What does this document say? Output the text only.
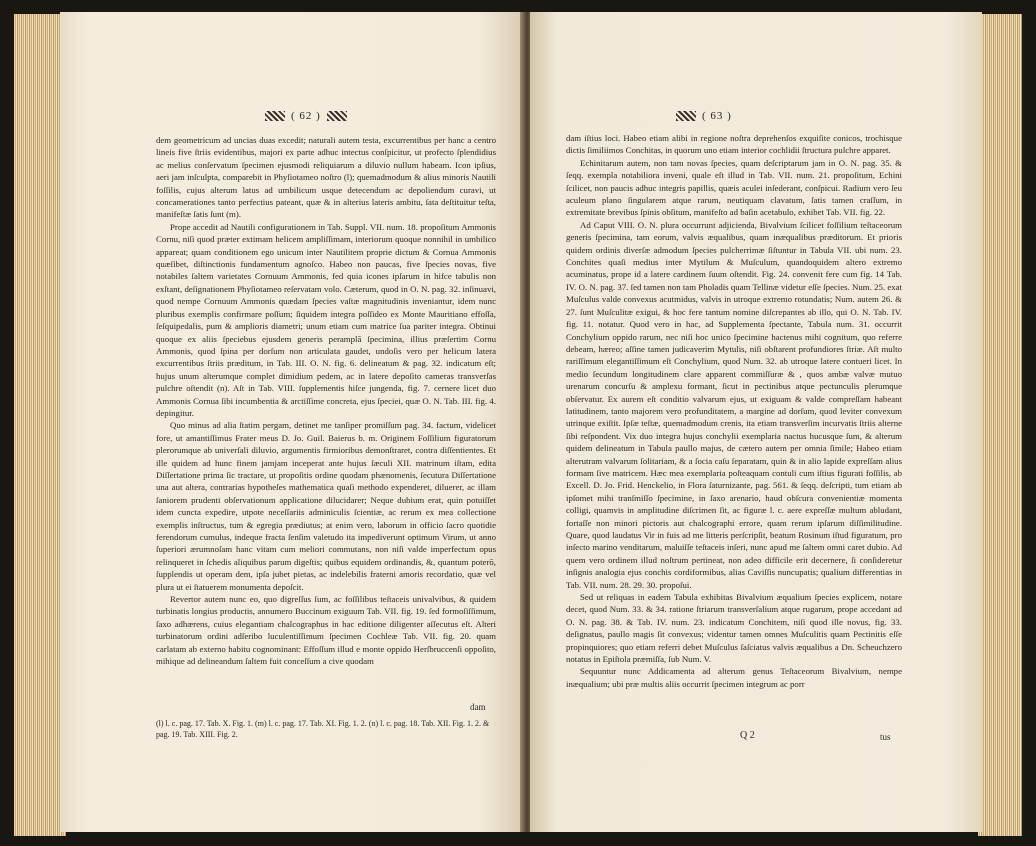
( 62 )

dem geometricum ad uncias duas excedit; naturali autem testa, excurrentibus per hanc a centro lineis five ſtriis evidentibus, majori ex parte adhuc intectus conſpicitur, ut profecto ſplendidius ac melius conſervatum ſpecimen ejusmodi reliquiarum a diluvio nullum habeam. Icon ipſius, aeri jam inſculpta, comparebit in Phyſiotameo noſtro (l); quemadmodum & alius minoris Nautili foſſilis, cujus alterum latus ad umbilicum usque detecendum ac depoliendum curavi, ut concamerationes tanto perfectius pateant, quæ & in alterius lateris ambitu, ſata deſtituitur teſta, manifeſtæ ſatis ſunt (m).

Prope accedit ad Nautili configurationem in Tab. Suppl. VII. num. 18. propoſitum Ammonis Cornu, niſi quod præter extimam helicem ampliſſimam, interiorum quoque nonnihil in umbilico appareat; quam conditionem ego unicum inter Nautilitem proprie dictum & Cornua Ammonis quæſibet, diſtinctionis fundamentum agnoſco. Habeo non paucas, five ſpecies novas, five notabiles ſaltem varietates Cornuum Ammonis, fed quia icones ipſarum in hifce tabulis non exſtant, deſignationem Phyſiotameo reſervatam volo. Cæterum, quod in O. N. pag. 32. inſinuavi, quod nempe Cornuum Ammonis quædam ſpecies vaſtæ magnitudinis inveniantur, idem nunc pluribus exemplis confirmare poſſum; ſiquidem integra poſſideo ex Monte Mauritiano effoſſa, ſeſquipedalis, pum & amplioris diametri; unum etiam cum matrice ſua pariter integra. Obtinui quoque ex aliis ſpeciebus ejusdem generis peramplā ſpecimina, illius præſertim Cornu Ammonis, quod ſpina per dorſum non articulata gaudet, undoſis vero per helicum latera excurrentibus ſtriis præditum, in Tab. III. O. N. fig. 6. delineatum & pag. 32. indicatum eſt; hujus unum alterumque complet dimidium pedem, ac in latere depoſito cameras transverſas pulchre oſtendit (n). Aſt in Tab. VIII. ſupplementis hiſce jungenda, fig. 7. cernere licet duo Ammonis Cornua ſibi incumbentia & arctiſſime concreta, ejus ſpeciei, quæ O. N. Tab. III. fig. 4. depingitur.

Quo minus ad alia ſtatim pergam, detinet me tanſiper promiſſum pag. 34. factum, videlicet fore, ut amantiſſimus Frater meus D. Jo. Guil. Baierus b. m. Originem Foſſilium figuratorum plerorumque ab univerſali diluvio, argumentis firmioribus demonſtraret, contra diſſentientes. Et ille quidem ad hunc finem jamjam inceperat ante hujus ſæculi XII. matrinum iſtam, edita Diſſertatione prima ſic tractare, ut propoſitis ordine quodam phænomenis, ſecutura Diſſertatione una aut altera, contrarias hypotheſes mathematica quaſi methodo expenderet, diluerer, ac illam ſaniorem prudenti obſervationum applicatione dilucidarer; Neque dubium erat, quin potuiſſet idem cuncta expedire, utpote neceſſariis adminiculis ſcientiæ, ac rerum ex mea collectione exemplis inſtructus, tum & egregia prædiutus; at enim vero, laborum in officio ſacro quotidie ferendorum cumulus, indeque fracta ſenſim valetudo ita impediverunt optimum Virum, ut anno ſuperiori ærumnoſam hanc vitam cum meliori commutans, non niſi valde imperfectum opus relinqueret in ſchedis aliquibus parum digeſtis; quibus equidem ordinandis, &, quantum poterō, ſupplendis ut operam dem, ipſa jubet pietas, ac indelebilis fraterni amoris recordatio, quæ vel plura ut ei ſtatuerem monumenta depoſcit.

Revertor autem nunc eo, quo digreſſus ſum, ac foſſilibus teſtaceis univalvibus, & quidem turbinatis longius productis, annumero Buccinum exiguum Tab. VII. fig. 19. ſed formoſiſſimum, ſaxo adhærens, cuius elegantiam chalcographus in hac editione diligenter aſſecutus eſt. Alteri turbinatorum ordini adſeribo luculentiſſimum ſpecimen Cochleæ Tab. VII. fig. 20. quam carlatam ab externo habitu cognominant: Effoſſum illud e monte oppido Herſbruccenſi oppoſito, mihique ad delineandum ſaltem fuit conceſſum a cive quodam

dam
(l) l. c. pag. 17. Tab. X. Fig. 1. (m) l. c. pag. 17. Tab. XI. Fig. 1. 2. (n) l. c. pag. 18. Tab. XII. Fig. 1. 2. & pag. 19. Tab. XIII. Fig. 2.
( 63 )

dam iſtius loci. Habeo etiam alibi in regione noſtra deprehenſos exquiſite conicos, trochisque dictis ſimiliimos Conchitas, in quorum uno etiam interior cochlidii ſtructura pulchre apparet.

Echinitarum autem, non tam novas ſpecies, quam deſcriptarum jam in O. N. pag. 35. & ſeqq. exempla notabiliora inveni, quale eſt illud in Tab. VII. num. 21. propoſitum, Echini ſcilicet, non paucis adhuc integris papillis, quæis aculei inſederant, conſpicui. Radium vero ſeu aculeum plano ſingularem atque rarum, neutiquam clavatum, ſatis tamen craſſum, in extremitate brevibus ſpinis obſitum, manifeſto ad baſin acetabulo, exhibet Tab. VII. fig. 22.

Ad Caput VIII. O. N. plura occurrunt adjicienda, Bivalvium ſcilicet foſſilium teſtaceorum generis ſpecimina, tam eorum, valvis æqualibus, quam inæqualibus præditorum. Et prioris quidem ordinis diverſæ admodum ſpecies pulcherrimæ ſiſtuntur in Tabula VII. ubi num. 23. Conchites quaſi medius inter Mytilum & Muſculum, quandoquidem altero extremo acuminatus, prope id a latere cardinem ſuum oſtendit. Fig. 24. convenit fere cum fig. 14 Tab. IV. O. N. pag. 37. ſed tamen non tam Pholadis quam Tellinæ videtur eſſe ſpecies. Num. 25. exat Muſculus valde convexus acutmidus, valvis in utroque extremo rotundatis; Num. autem 26. & 27. ſunt Muſculitæ exigui, & hoc fere tantum nomine diſcrepantes ab illo, qui O. N. Tab. IV. fig. 11. notatur. Quod vero in hac, ad Supplementa ſpectante, Tabula num. 31. occurrit Conchylium oppido rarum, nec niſi hoc unico ſpecimine hactenus mihi cognitum, quo referre debeam, hæreo; aſſine tamen judicaverim Mytulis, niſi obſtarent profundiores ſtriæ. Aſt multo rariſſimum elegantiſſimum eſt Conchylium, quod Num. 32. ab utroque latere contueri licet. In medio ſecundum longitudinem clare apparent commiſſuræ & , quos ambæ valvæ mutuo urenarum concurſu & amplexu formant, ſicut in pectinibus atque pectunculis plerumque obſervatur. Ex aurem eſt conditio valvarum ejus, ut exiguam & valde compreſſam habeant latitudinem, tanto majorem vero profunditatem, a margine ad dorſum, quod leviter convexum utrinque exiſtit. Ipſæ teſtæ, quemadmodum crenis, ita etiam transverſim incurvatis ſtriis alterne ſibi reſpondent. Vix duo integra hujus conchylii exemplaria nactus hucusque ſum, & alterum quidem delineatum in Tabula paullo majus, de cætero autem per omnia ſimile; Habeo etiam alterutram valvarum ſolitariam, & a ſocia caſu ſeparatam, quin & in alio lapide expreſſam alius formam ſive matricem. Hæc mea exemplaria poſteaquam contuli cum iſtius figurati foſſilis, ab Excell. D. Jo. Frid. Henckelio, in Flora ſaturnizante, pag. 561. & ſeqq. deſcripti, tum etiam ab ipſomet mihi tranſmiſſo ſpecimine, in ſaxo arenario, haud obſcura convenientiæ momenta colligi, quamvis in amplitudine diſcrimen ſit, ac figuræ l. c. aere expreſſæ multum abludant, fortaſſe non minori pictoris aut chalcographi errore, quam rerum ipſarum diſſimilitudine. Quare, quod laudatus Vir in fuis ad me litteris perſcripſit, beatum Rosinum iſtud figuratum, pro inſecto marino venditarum, maluiſſe teſtaceis inſeri, nunc apud me ſaltem omni caret dubio. Ad quem vero ordinem illud noſtrum pertineat, non adeo difficile erit decernere, ſi conſideretur inſignis analogia ejus conchis cordiformibus, alias Caviſſis nuncupatis; qualium differentias in Tab. VII. num. 28. 29. 30. propoſui.

Sed ut reliquas in eadem Tabula exhibitas Bivalvium æqualium ſpecies explicem, notare decet, quod Num. 33. & 34. ratione ſtriarum transverſalium atque rugarum, prope accedant ad O. N. pag. 38. & Tab. IV. num. 23. indicatum Conchitem, niſi quod ille novus, fig. 33. deſignatus, paullo magis ſit convexus; videntur tamen omnes Muſculitis quam Pectinitis eſſe propinquiores; quo etiam referri debet Muſculus ſaſciatus valvis æqualibus a Dn. Scheuchzero notatus in Epiſtola præmiſſa, ſub Num. V.

Sequuntur nunc Addicamenta ad alterum genus Teſtaceorum Bivalvium, nempe inæqualium; ubi præ multis aliis occurrit ſpecimen integrum ac porr

Q 2	tus
